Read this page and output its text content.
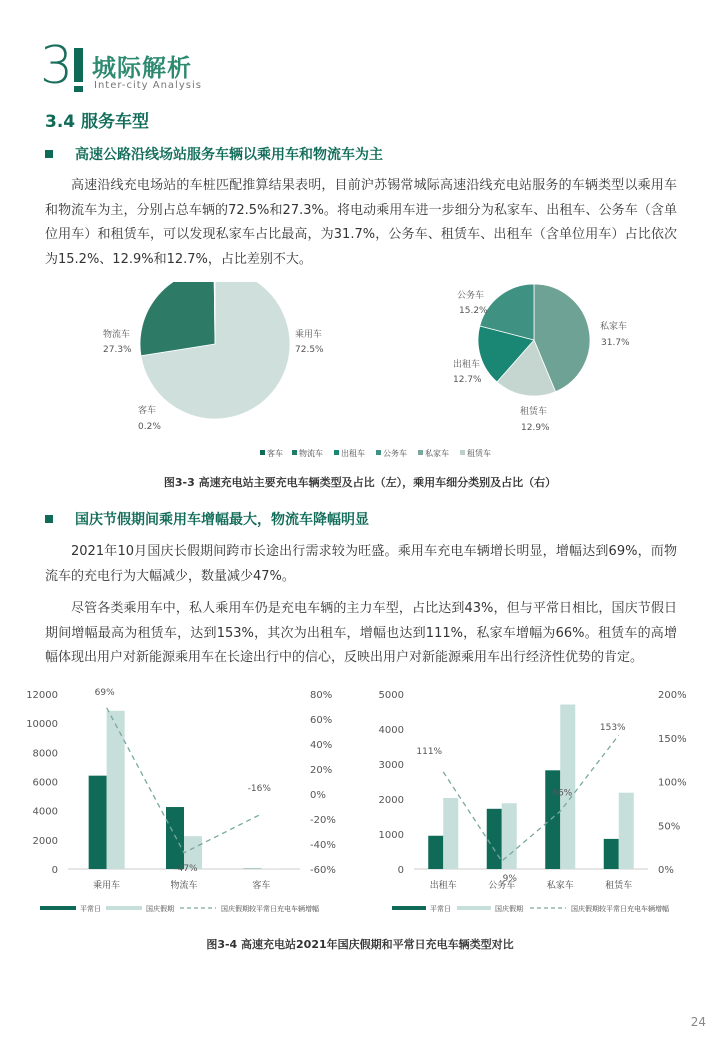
3 城际解析
Inter-city Analysis
3.4 服务车型
高速公路沿线场站服务车辆以乘用车和物流车为主
高速沿线充电场站的车桩匹配推算结果表明，目前沪苏锡常城际高速沿线充电站服务的车辆类型以乘用车和物流车为主，分别占总车辆的72.5%和27.3%。将电动乘用车进一步细分为私家车、出租车、公务车（含单位用车）和租赁车，可以发现私家车占比最高，为31.7%，公务车、租赁车、出租车（含单位用车）占比依次为15.2%、12.9%和12.7%，占比差别不大。
物流车
27.3%
乘用车
72.5%
客车
0.2%
公务车
15.2%
私家车
31.7%
出租车
12.7%
租赁车
12.9%
客车 物流车 出租车 公务车 私家车 租赁车
图3-3 高速充电站主要充电车辆类型及占比（左），乘用车细分类别及占比（右）
国庆节假期间乘用车增幅最大，物流车降幅明显
2021年10月国庆长假期间跨市长途出行需求较为旺盛。乘用车充电车辆增长明显，增幅达到69%，而物流车的充电行为大幅减少，数量减少47%。
尽管各类乘用车中，私人乘用车仍是充电车辆的主力车型，占比达到43%，但与平常日相比，国庆节假日期间增幅最高为租赁车，达到153%，其次为出租车，增幅也达到111%，私家车增幅为66%。租赁车的高增幅体现出用户对新能源乘用车在长途出行中的信心，反映出用户对新能源乘用车出行经济性优势的肯定。
12000
10000
8000
6000
4000
2000
0
80%
60%
40%
20%
0%
-20%
-40%
-60%
乘用车	物流车	客车
69%
-47%
-16%
5000
4000
3000
2000
1000
0
200%
150%
100%
50%
0%
出租车	公务车	私家车	租赁车
111%
9%
66%
153%
平常日	国庆假期	国庆假期较平常日充电车辆增幅	平常日	国庆假期	国庆假期较平常日充电车辆增幅
图3-4 高速充电站2021年国庆假期和平常日充电车辆类型对比
24
